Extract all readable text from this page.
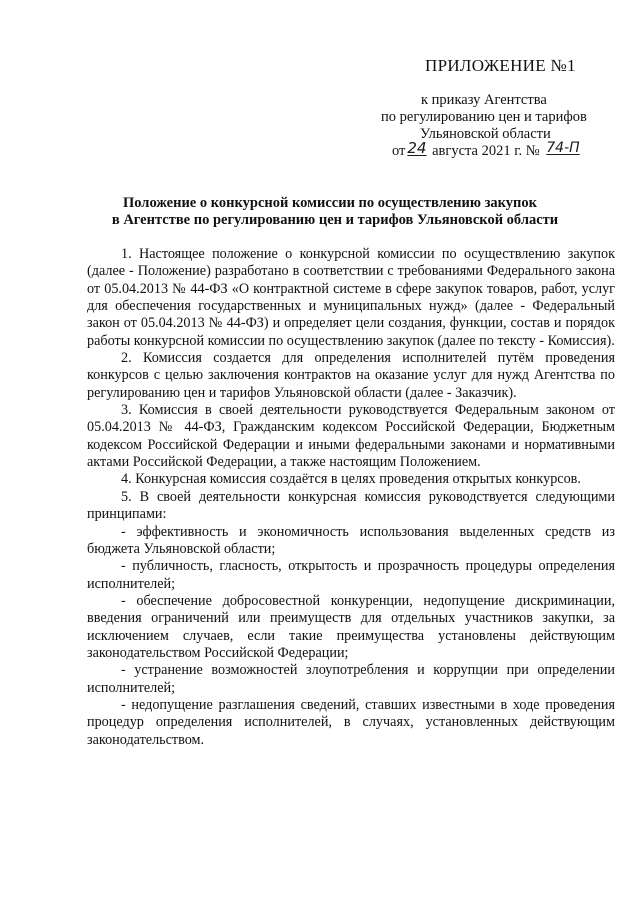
ПРИЛОЖЕНИЕ №1
к приказу Агентства
по регулированию цен и тарифов
Ульяновской области
от 24 августа 2021 г. № 74-П
Положение о конкурсной комиссии по осуществлению закупок
в Агентстве по регулированию цен и тарифов Ульяновской области

1. Настоящее положение о конкурсной комиссии по осуществлению закупок (далее - Положение) разработано в соответствии с требованиями Федерального закона от 05.04.2013 № 44-ФЗ «О контрактной системе в сфере закупок товаров, работ, услуг для обеспечения государственных и муниципальных нужд» (далее - Федеральный закон от 05.04.2013 № 44-ФЗ) и определяет цели создания, функции, состав и порядок работы конкурсной комиссии по осуществлению закупок (далее по тексту - Комиссия).

2. Комиссия создается для определения исполнителей путём проведения конкурсов с целью заключения контрактов на оказание услуг для нужд Агентства по регулированию цен и тарифов Ульяновской области (далее - Заказчик).

3. Комиссия в своей деятельности руководствуется Федеральным законом от 05.04.2013 № 44-ФЗ, Гражданским кодексом Российской Федерации, Бюджетным кодексом Российской Федерации и иными федеральными законами и нормативными актами Российской Федерации, а также настоящим Положением.

4. Конкурсная комиссия создаётся в целях проведения открытых конкурсов.

5. В своей деятельности конкурсная комиссия руководствуется следующими принципами:

- эффективность и экономичность использования выделенных средств из бюджета Ульяновской области;

- публичность, гласность, открытость и прозрачность процедуры определения исполнителей;

- обеспечение добросовестной конкуренции, недопущение дискриминации, введения ограничений или преимуществ для отдельных участников закупки, за исключением случаев, если такие преимущества установлены действующим законодательством Российской Федерации;

- устранение возможностей злоупотребления и коррупции при определении исполнителей;

- недопущение разглашения сведений, ставших известными в ходе проведения процедур определения исполнителей, в случаях, установленных действующим законодательством.
